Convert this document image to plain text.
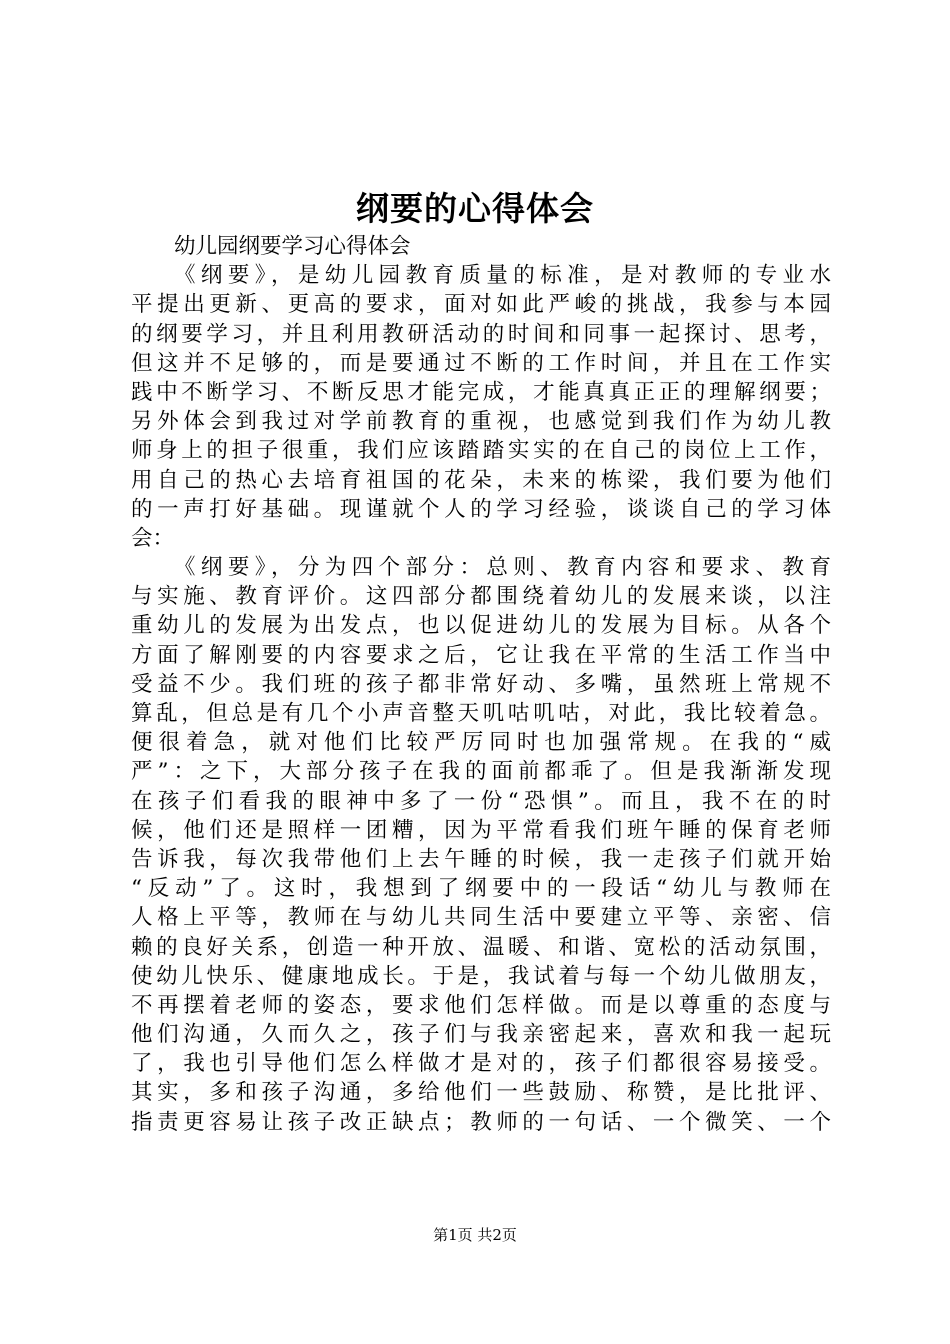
纲要的心得体会
幼儿园纲要学习心得体会
《纲要》，是幼儿园教育质量的标准，是对教师的专业水
平提出更新、更高的要求，面对如此严峻的挑战，我参与本园
的纲要学习，并且利用教研活动的时间和同事一起探讨、思考，
但这并不足够的，而是要通过不断的工作时间，并且在工作实
践中不断学习、不断反思才能完成，才能真真正正的理解纲要；
另外体会到我过对学前教育的重视，也感觉到我们作为幼儿教
师身上的担子很重，我们应该踏踏实实的在自己的岗位上工作，
用自己的热心去培育祖国的花朵，未来的栋梁，我们要为他们
的一声打好基础。现谨就个人的学习经验，谈谈自己的学习体
会：
《纲要》，分为四个部分：总则、教育内容和要求、教育
与实施、教育评价。这四部分都围绕着幼儿的发展来谈，以注
重幼儿的发展为出发点，也以促进幼儿的发展为目标。从各个
方面了解刚要的内容要求之后，它让我在平常的生活工作当中
受益不少。我们班的孩子都非常好动、多嘴，虽然班上常规不
算乱，但总是有几个小声音整天叽咕叽咕，对此，我比较着急。
便很着急，就对他们比较严厉同时也加强常规。在我的“威
严”：之下，大部分孩子在我的面前都乖了。但是我渐渐发现
在孩子们看我的眼神中多了一份“恐惧”。而且，我不在的时
候，他们还是照样一团糟，因为平常看我们班午睡的保育老师
告诉我，每次我带他们上去午睡的时候，我一走孩子们就开始
“反动”了。这时，我想到了纲要中的一段话“幼儿与教师在
人格上平等，教师在与幼儿共同生活中要建立平等、亲密、信
赖的良好关系，创造一种开放、温暖、和谐、宽松的活动氛围，
使幼儿快乐、健康地成长。于是，我试着与每一个幼儿做朋友，
不再摆着老师的姿态，要求他们怎样做。而是以尊重的态度与
他们沟通，久而久之，孩子们与我亲密起来，喜欢和我一起玩
了，我也引导他们怎么样做才是对的，孩子们都很容易接受。
其实，多和孩子沟通，多给他们一些鼓励、称赞，是比批评、
指责更容易让孩子改正缺点；教师的一句话、一个微笑、一个
第1页 共2页
